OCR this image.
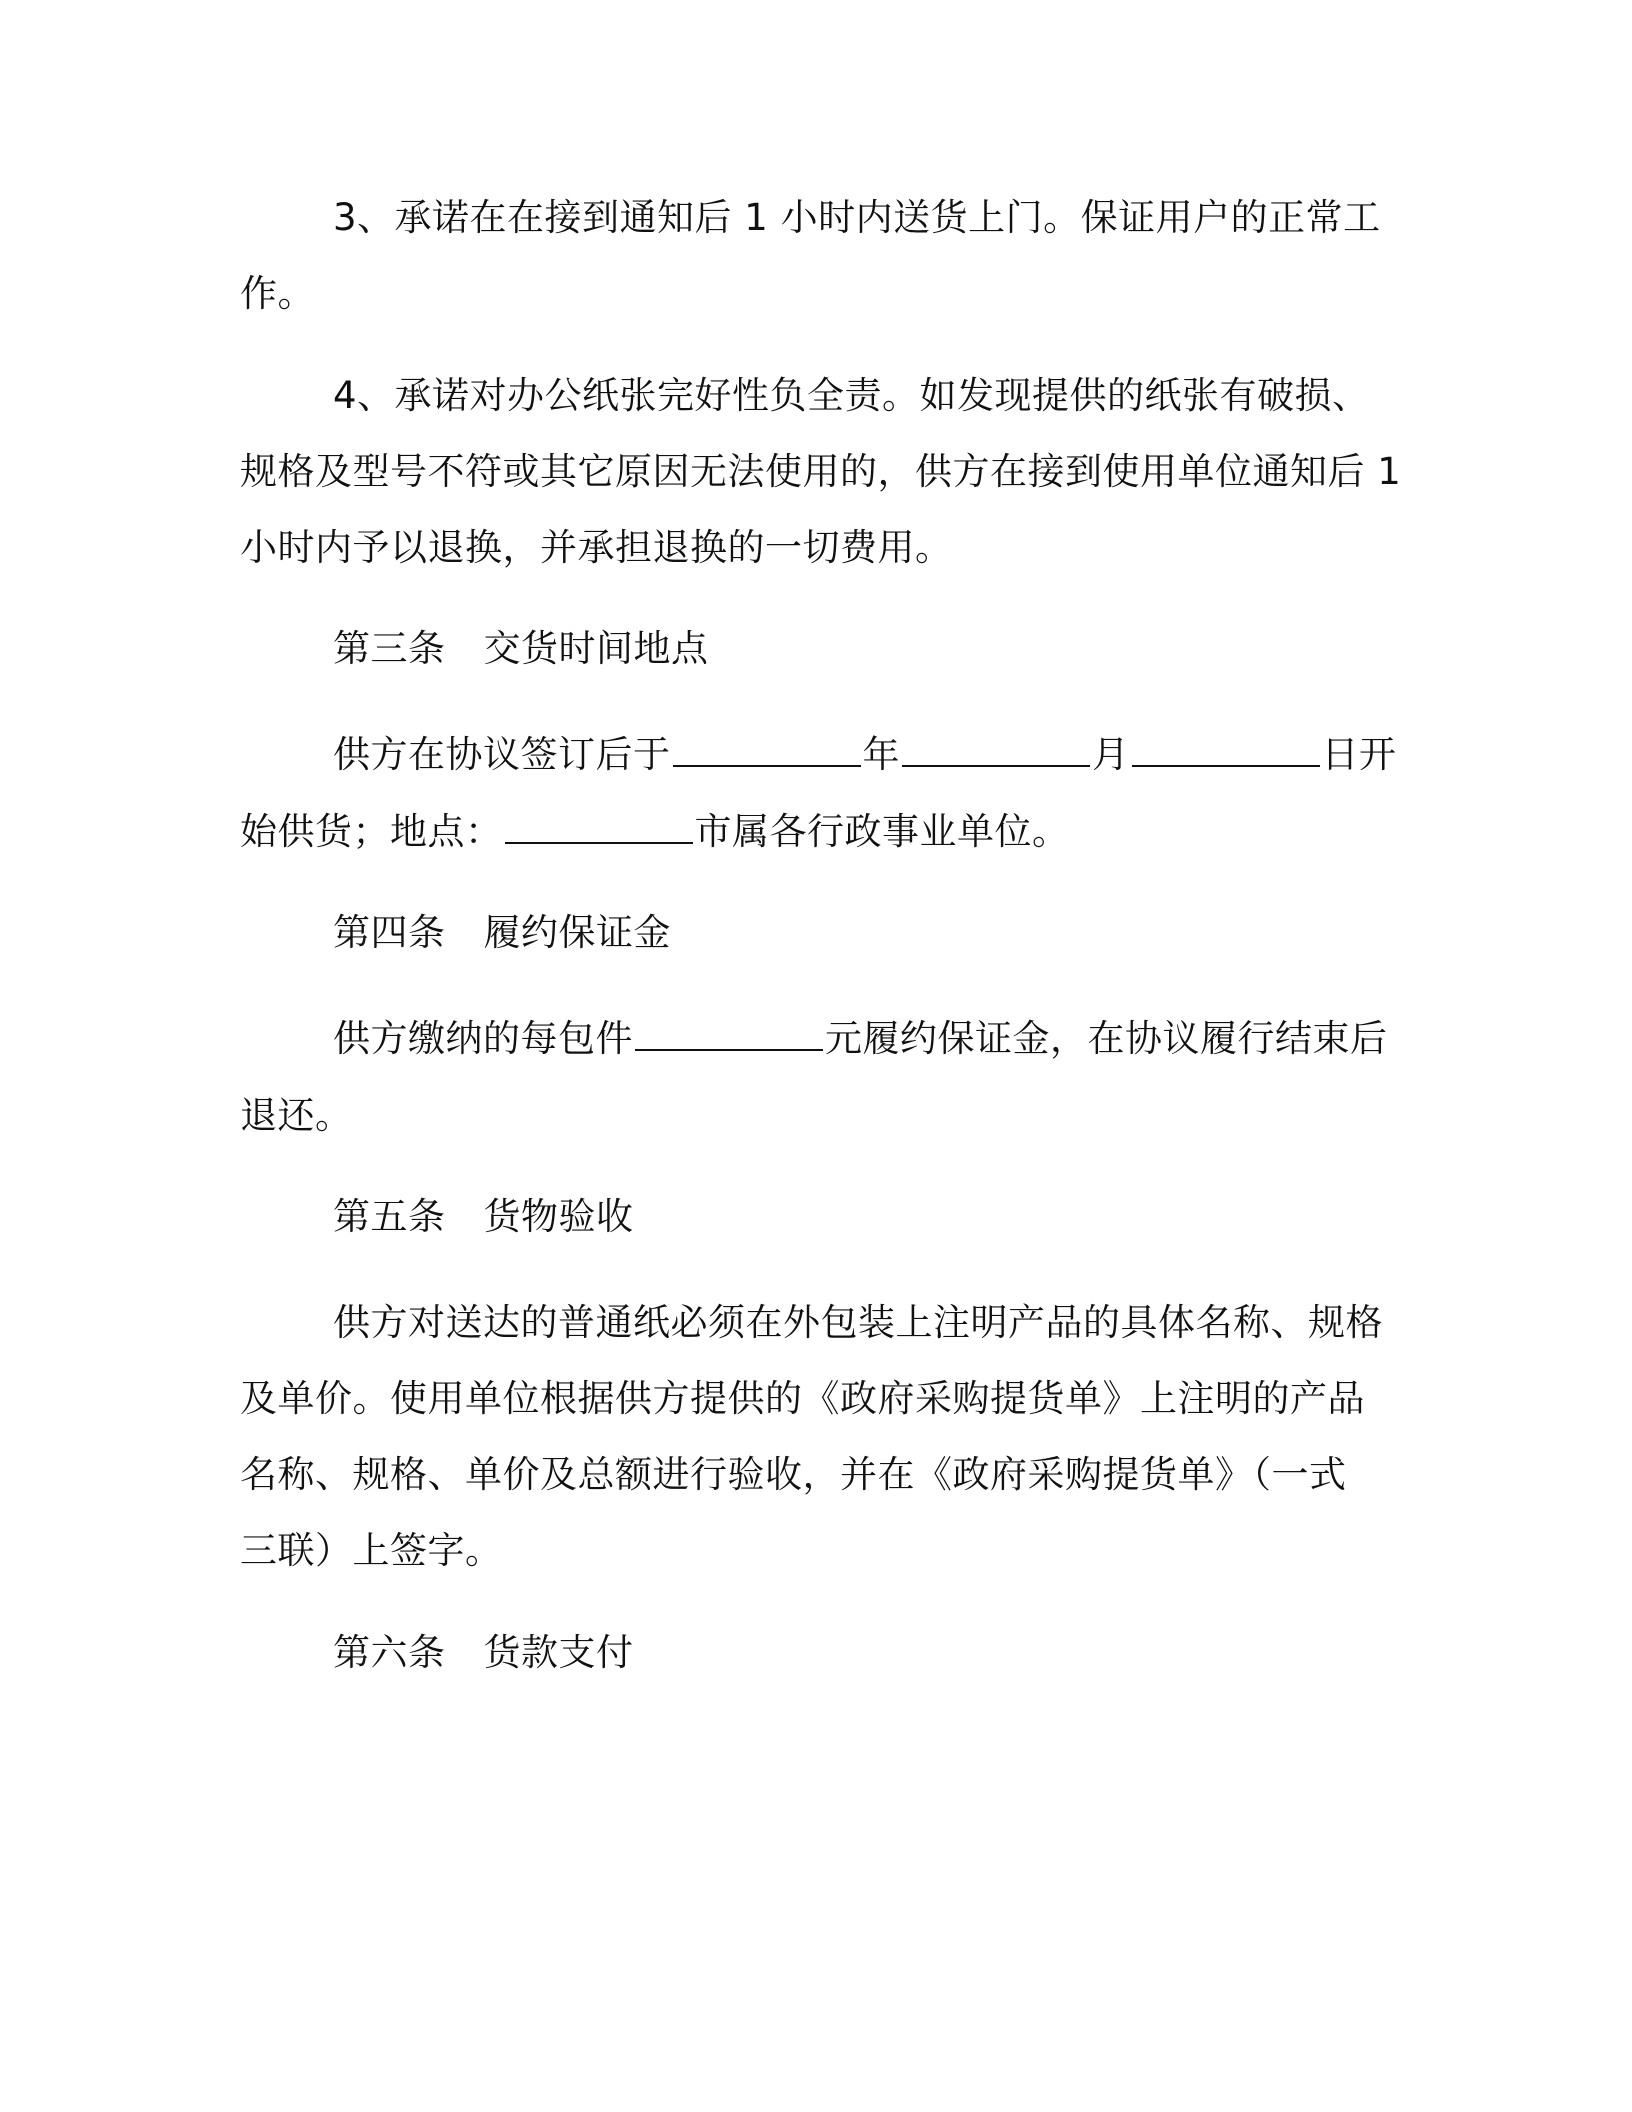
3、承诺在在接到通知后 1 小时内送货上门。保证用户的正常工
作。
4、承诺对办公纸张完好性负全责。如发现提供的纸张有破损、
规格及型号不符或其它原因无法使用的，供方在接到使用单位通知后 1
小时内予以退换，并承担退换的一切费用。
第三条 交货时间地点
供方在协议签订后于	年	月	日开
始供货；地点：	市属各行政事业单位。
第四条 履约保证金
供方缴纳的每包件	元履约保证金，在协议履行结束后
退还。
第五条 货物验收
供方对送达的普通纸必须在外包装上注明产品的具体名称、规格
及单价。使用单位根据供方提供的《政府采购提货单》上注明的产品
名称、规格、单价及总额进行验收，并在《政府采购提货单》（一式
三联）上签字。
第六条 货款支付
